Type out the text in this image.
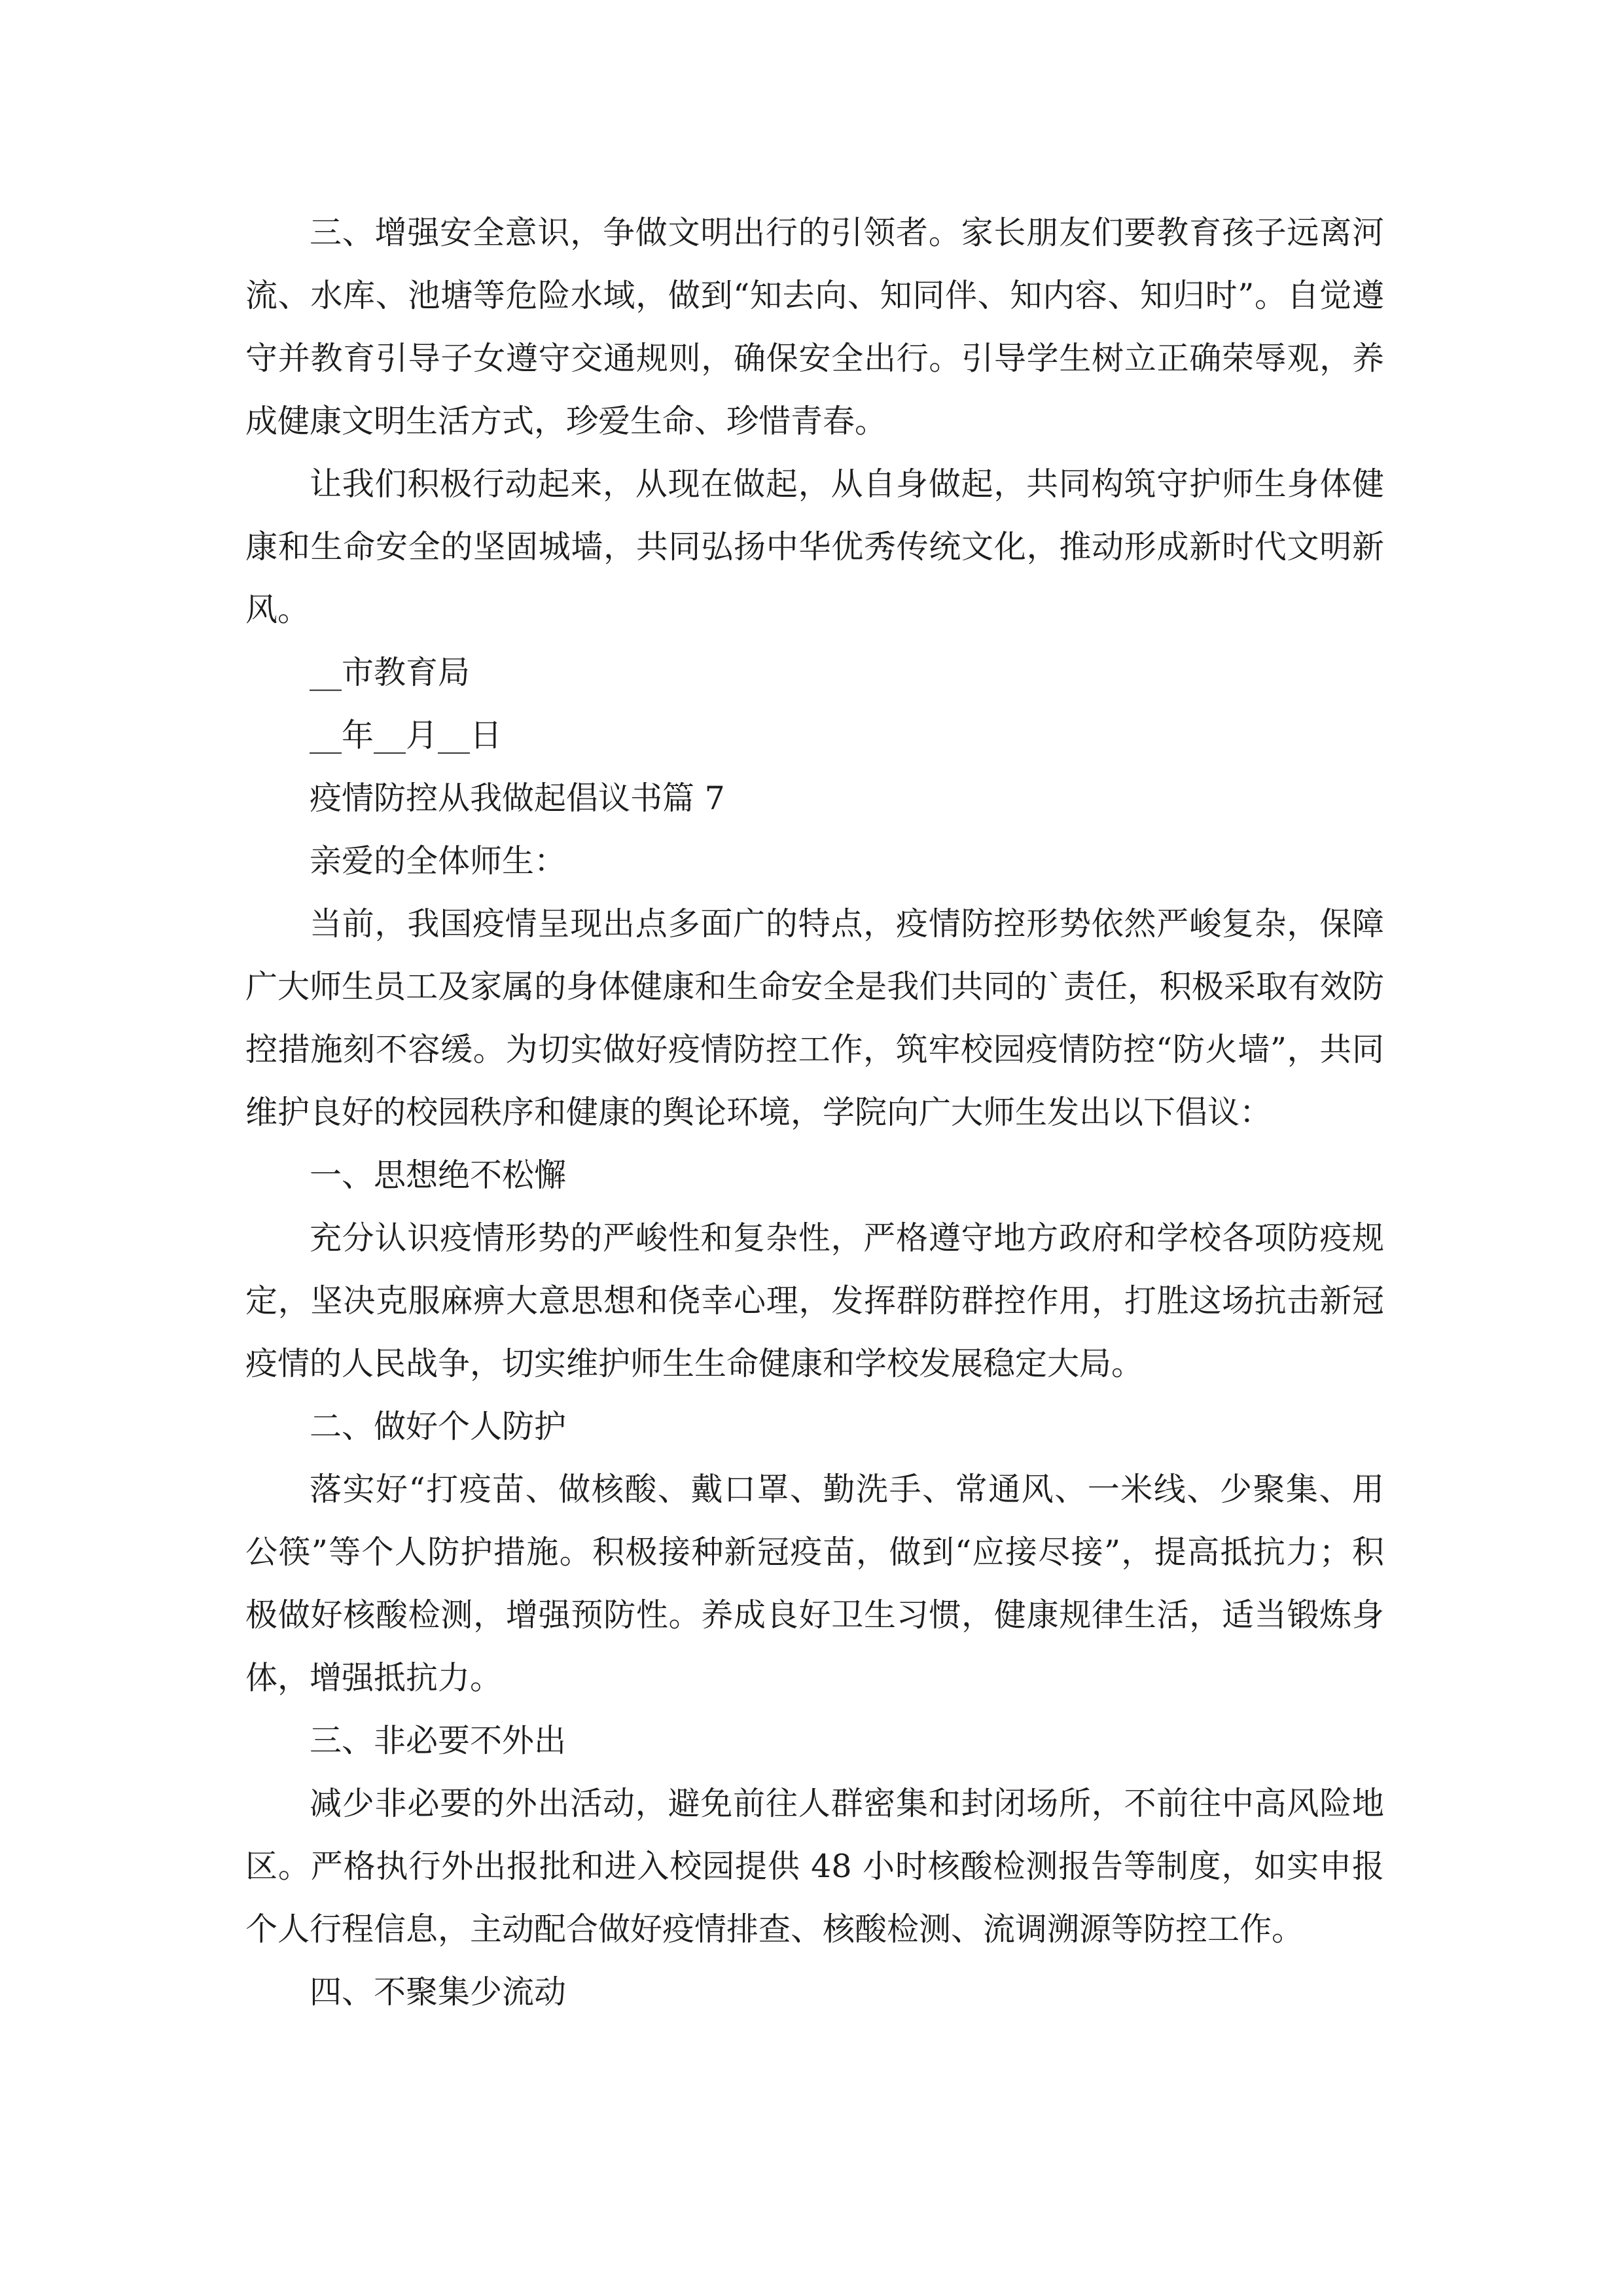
三、增强安全意识，争做文明出行的引领者。家长朋友们要教育孩子远离河流、水库、池塘等危险水域，做到“知去向、知同伴、知内容、知归时”。自觉遵守并教育引导子女遵守交通规则，确保安全出行。引导学生树立正确荣辱观，养成健康文明生活方式，珍爱生命、珍惜青春。

让我们积极行动起来，从现在做起，从自身做起，共同构筑守护师生身体健康和生命安全的坚固城墙，共同弘扬中华优秀传统文化，推动形成新时代文明新风。

__市教育局

__年__月__日

疫情防控从我做起倡议书篇 7

亲爱的全体师生：

当前，我国疫情呈现出点多面广的特点，疫情防控形势依然严峻复杂，保障广大师生员工及家属的身体健康和生命安全是我们共同的`责任，积极采取有效防控措施刻不容缓。为切实做好疫情防控工作，筑牢校园疫情防控“防火墙”，共同维护良好的校园秩序和健康的舆论环境，学院向广大师生发出以下倡议：

一、思想绝不松懈

充分认识疫情形势的严峻性和复杂性，严格遵守地方政府和学校各项防疫规定，坚决克服麻痹大意思想和侥幸心理，发挥群防群控作用，打胜这场抗击新冠疫情的人民战争，切实维护师生生命健康和学校发展稳定大局。

二、做好个人防护

落实好“打疫苗、做核酸、戴口罩、勤洗手、常通风、一米线、少聚集、用公筷”等个人防护措施。积极接种新冠疫苗，做到“应接尽接”，提高抵抗力；积极做好核酸检测，增强预防性。养成良好卫生习惯，健康规律生活，适当锻炼身体，增强抵抗力。

三、非必要不外出

减少非必要的外出活动，避免前往人群密集和封闭场所，不前往中高风险地区。严格执行外出报批和进入校园提供 48 小时核酸检测报告等制度，如实申报个人行程信息，主动配合做好疫情排查、核酸检测、流调溯源等防控工作。

四、不聚集少流动
